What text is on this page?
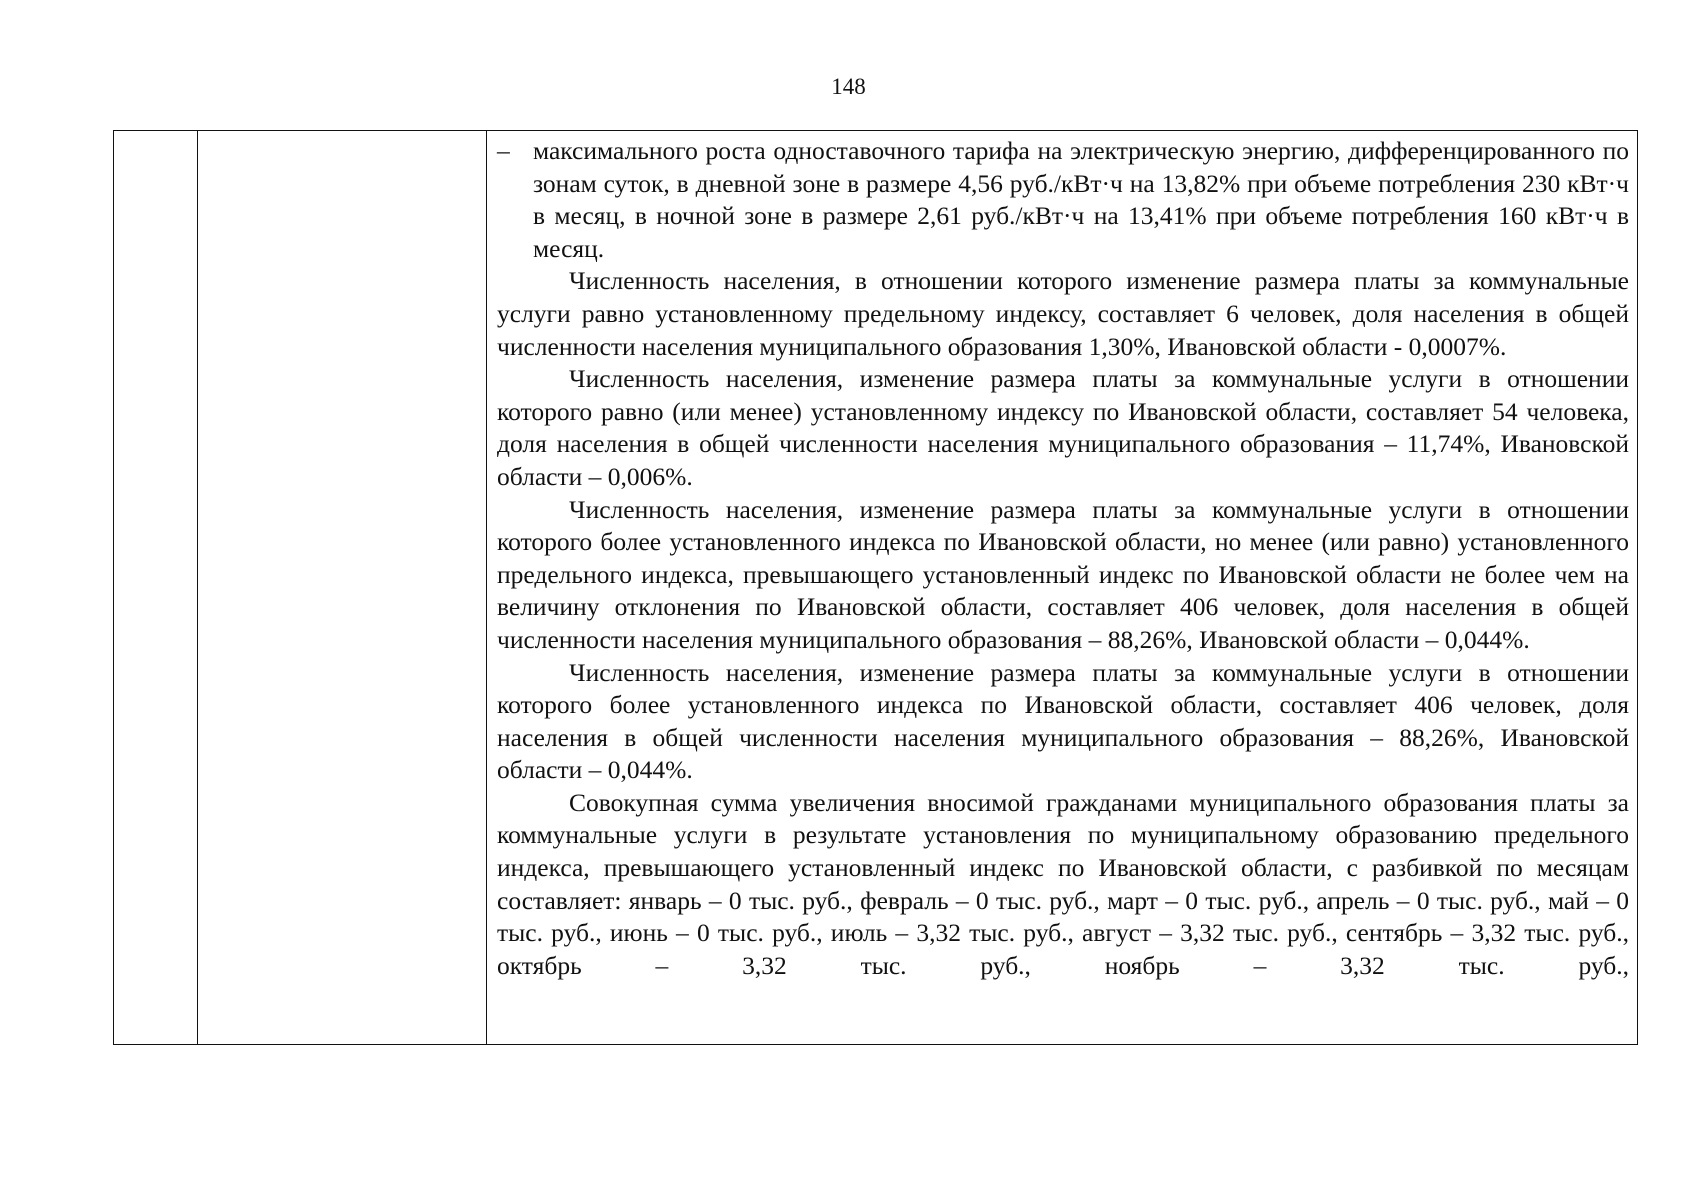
148
– максимального роста одноставочного тарифа на электрическую энергию, дифференцированного по зонам суток, в дневной зоне в размере 4,56 руб./кВт·ч на 13,82% при объеме потребления 230 кВт·ч в месяц, в ночной зоне в размере 2,61 руб./кВт·ч на 13,41% при объеме потребления 160 кВт·ч в месяц.

Численность населения, в отношении которого изменение размера платы за коммунальные услуги равно установленному предельному индексу, составляет 6 человек, доля населения в общей численности населения муниципального образования 1,30%, Ивановской области - 0,0007%.

Численность населения, изменение размера платы за коммунальные услуги в отношении которого равно (или менее) установленному индексу по Ивановской области, составляет 54 человека, доля населения в общей численности населения муниципального образования – 11,74%, Ивановской области – 0,006%.

Численность населения, изменение размера платы за коммунальные услуги в отношении которого более установленного индекса по Ивановской области, но менее (или равно) установленного предельного индекса, превышающего установленный индекс по Ивановской области не более чем на величину отклонения по Ивановской области, составляет 406 человек, доля населения в общей численности населения муниципального образования – 88,26%, Ивановской области – 0,044%.

Численность населения, изменение размера платы за коммунальные услуги в отношении которого более установленного индекса по Ивановской области, составляет 406 человек, доля населения в общей численности населения муниципального образования – 88,26%, Ивановской области – 0,044%.

Совокупная сумма увеличения вносимой гражданами муниципального образования платы за коммунальные услуги в результате установления по муниципальному образованию предельного индекса, превышающего установленный индекс по Ивановской области, с разбивкой по месяцам составляет: январь – 0 тыс. руб., февраль – 0 тыс. руб., март – 0 тыс. руб., апрель – 0 тыс. руб., май – 0 тыс. руб., июнь – 0 тыс. руб., июль – 3,32 тыс. руб., август – 3,32 тыс. руб., сентябрь – 3,32 тыс. руб., октябрь – 3,32 тыс. руб., ноябрь – 3,32 тыс. руб.,
